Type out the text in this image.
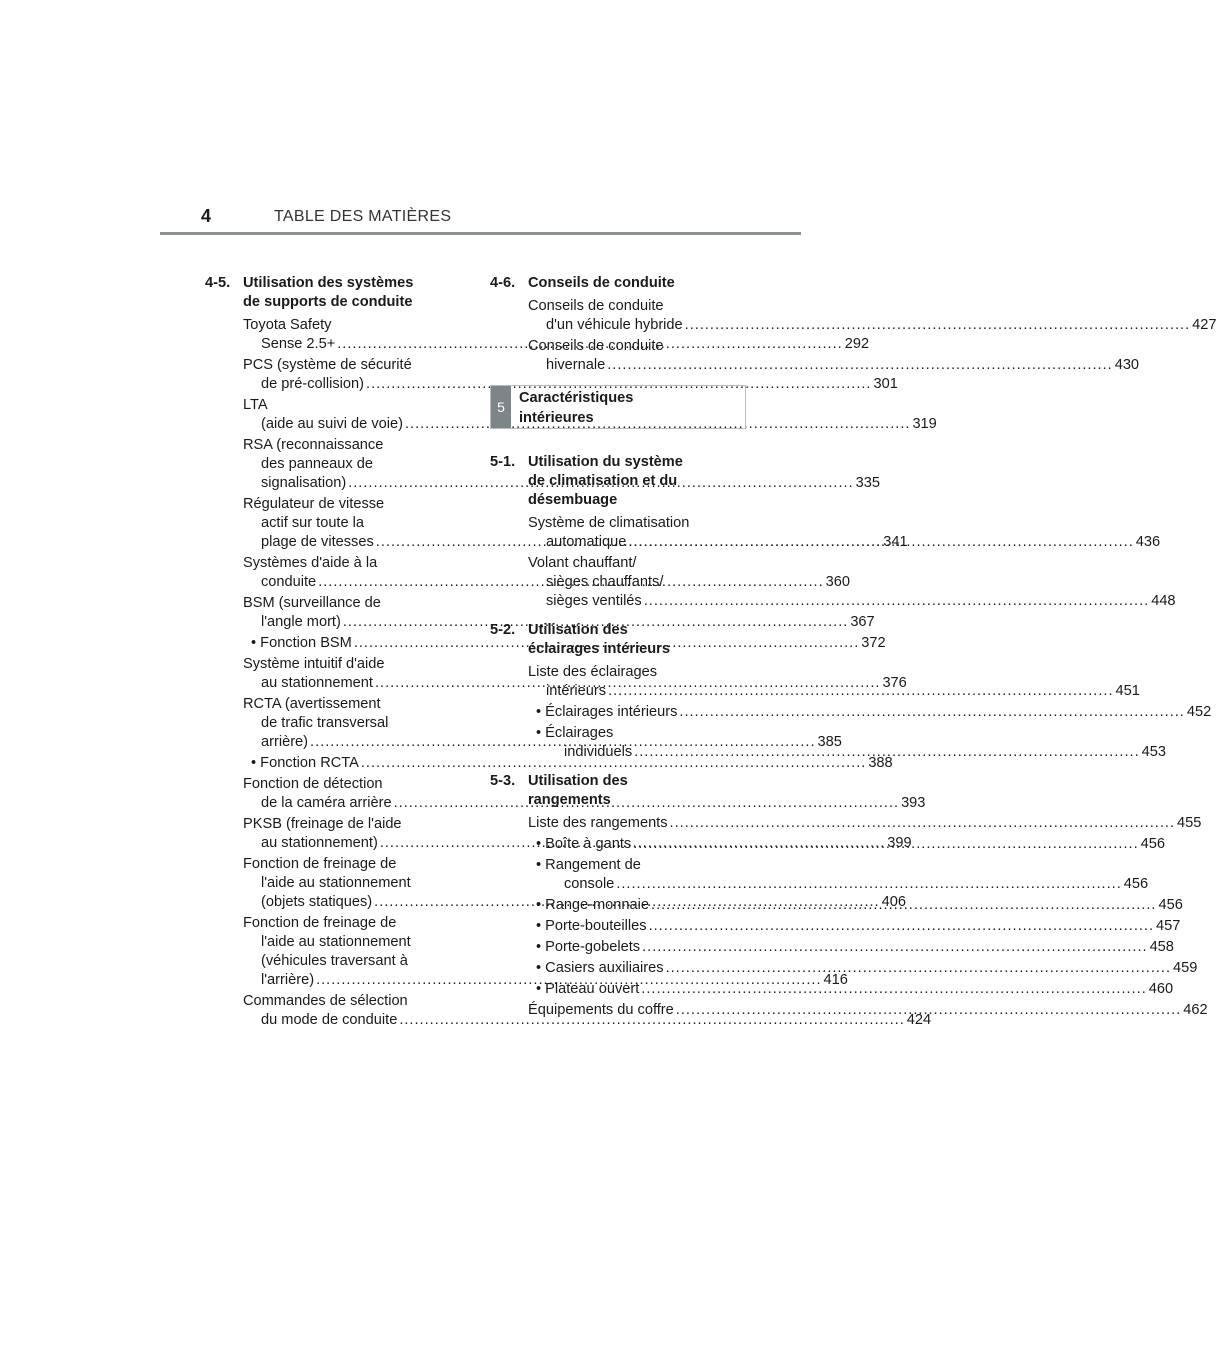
4	TABLE DES MATIÈRES
4-5. Utilisation des systèmes
de supports de conduite
Toyota Safety
Sense 2.5+ .....	292
PCS (système de sécurité
de pré-collision) .....	301
LTA
(aide au suivi de voie) .....	319
RSA (reconnaissance
des panneaux de
signalisation) .....	335
Régulateur de vitesse
actif sur toute la
plage de vitesses .....	341
Systèmes d'aide à la
conduite .....	360
BSM (surveillance de
l'angle mort) .....	367
• Fonction BSM .....	372
Système intuitif d'aide
au stationnement .....	376
RCTA (avertissement
de trafic transversal
arrière) .....	385
• Fonction RCTA .....	388
Fonction de détection
de la caméra arrière .....	393
PKSB (freinage de l'aide
au stationnement) .....	399
Fonction de freinage de
l'aide au stationnement
(objets statiques) .....	406
Fonction de freinage de
l'aide au stationnement
(véhicules traversant à
l'arrière) .....	416
Commandes de sélection
du mode de conduite .....	424
4-6. Conseils de conduite
Conseils de conduite
d'un véhicule hybride .....	427
Conseils de conduite
hivernale .....	430
5
Caractéristiques
intérieures
5-1. Utilisation du système
de climatisation et du
désembuage
Système de climatisation
automatique .....	436
Volant chauffant/
sièges chauffants/
sièges ventilés .....	448
5-2. Utilisation des
éclairages intérieurs
Liste des éclairages
intérieurs .....	451
• Éclairages intérieurs .....	452
• Éclairages
individuels .....	453
5-3. Utilisation des
rangements
Liste des rangements .....	455
• Boîte à gants .....	456
• Rangement de
console .....	456
• Range-monnaie .....	456
• Porte-bouteilles .....	457
• Porte-gobelets .....	458
• Casiers auxiliaires .....	459
• Plateau ouvert .....	460
Équipements du coffre .....	462
